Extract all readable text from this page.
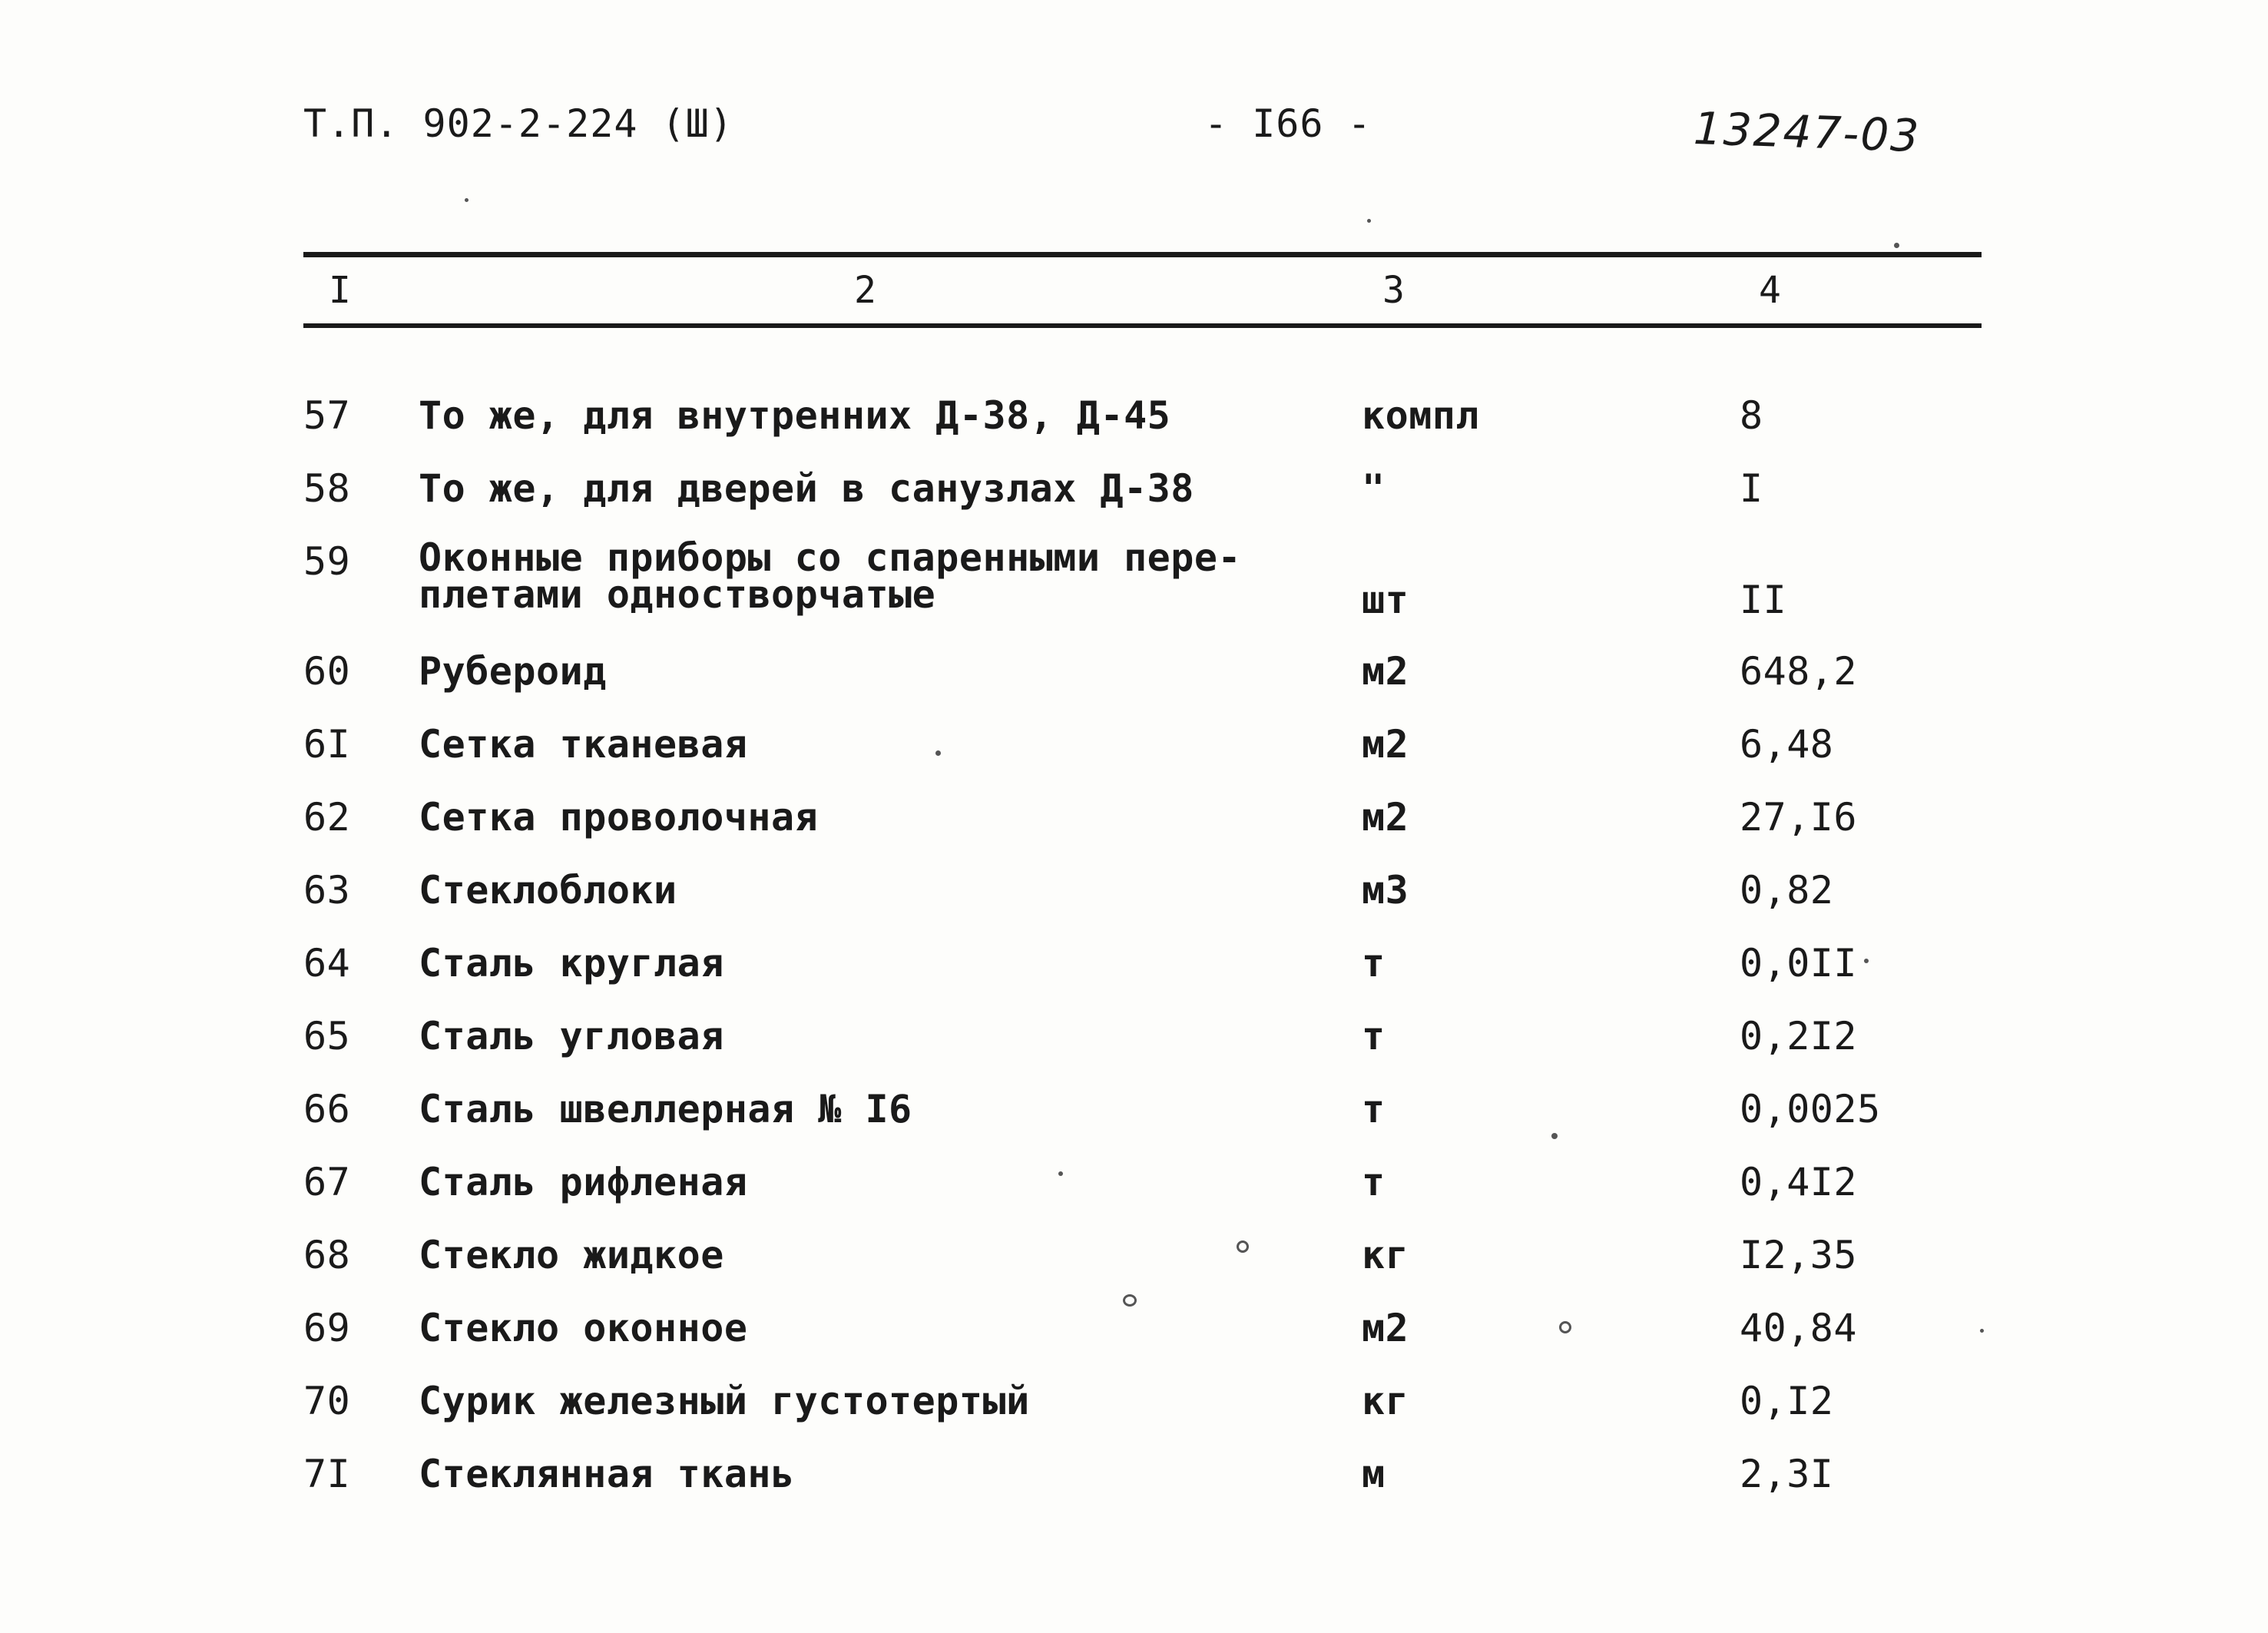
Т.П. 902-2-224 (Ш)	- I66 -	13247-03
I	2	3	4
57 То же, для внутренних Д-38, Д-45	компл	8
58 То же, для дверей в санузлах Д-38	"	I
59 Оконные приборы со спаренными пере-
плетами одностворчатые	шт	II
60 Рубероид	м2	648,2
6I Сетка тканевая	м2	6,48
62 Сетка проволочная	м2	27,I6
63 Стеклоблоки	м3	0,82
64 Сталь круглая	т	0,0II
65 Сталь угловая	т	0,2I2
66 Сталь швеллерная № I6	т	0,0025
67 Сталь рифленая	т	0,4I2
68 Стекло жидкое	кг	I2,35
69 Стекло оконное	м2	40,84
70 Сурик железный густотертый	кг	0,I2
7I Стеклянная ткань	м	2,3I
